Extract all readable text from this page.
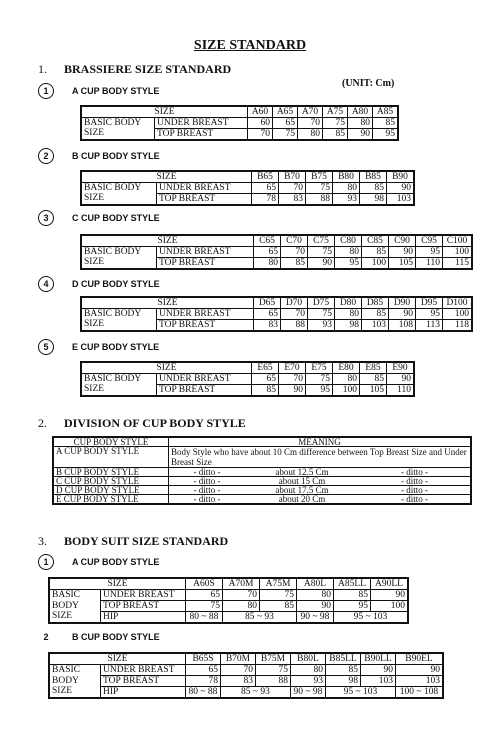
SIZE STANDARD
1. BRASSIERE SIZE STANDARD
(UNIT: Cm)
1	A CUP BODY STYLE
SIZE		A60	A65	A70	A75	A80	A85
BASIC BODY	UNDER BREAST	60	65	70	75	80	85
SIZE	TOP BREAST	70	75	80	85	90	95
2	B CUP BODY STYLE
SIZE		B65	B70	B75	B80	B85	B90
BASIC BODY	UNDER BREAST	65	70	75	80	85	90
SIZE	TOP BREAST	78	83	88	93	98	103
3	C CUP BODY STYLE
SIZE		C65	C70	C75	C80	C85	C90	C95	C100
BASIC BODY	UNDER BREAST	65	70	75	80	85	90	95	100
SIZE	TOP BREAST	80	85	90	95	100	105	110	115
4	D CUP BODY STYLE
SIZE		D65	D70	D75	D80	D85	D90	D95	D100
BASIC BODY	UNDER BREAST	65	70	75	80	85	90	95	100
SIZE	TOP BREAST	83	88	93	98	103	108	113	118
5	E CUP BODY STYLE
SIZE		E65	E70	E75	E80	E85	E90
BASIC BODY	UNDER BREAST	65	70	75	80	85	90
SIZE	TOP BREAST	85	90	95	100	105	110
2. DIVISION OF CUP BODY STYLE
CUP BODY STYLE	MEANING		
A CUP BODY STYLE	Body Style who have about 10 Cm difference between Top Breast Size and Under Breast Size		
B CUP BODY STYLE	- ditto -	about 12.5 Cm	- ditto -
C CUP BODY STYLE	- ditto -	about 15 Cm	- ditto -
D CUP BODY STYLE	- ditto -	about 17.5 Cm	- ditto -
E CUP BODY STYLE	- ditto -	about 20 Cm	- ditto -
3. BODY SUIT SIZE STANDARD
1	A CUP BODY STYLE
SIZE		A60S	A70M	A75M	A80L	A85LL	A90LL
BASIC	UNDER BREAST	65	70	75	80	85	90
BODY	TOP BREAST	75	80	85	90	95	100
SIZE	HIP	80 ~ 88	85 ~ 93		90 ~ 98	95 ~ 103	
2	B CUP BODY STYLE
SIZE		B65S	B70M	B75M	B80L	B85LL	B90LL	B90EL
BASIC	UNDER BREAST	65	70	75	80	85	90	90
BODY	TOP BREAST	78	83	88	93	98	103	103
SIZE	HIP	80 ~ 88	85 ~ 93		90 ~ 98	95 ~ 103		100 ~ 108
